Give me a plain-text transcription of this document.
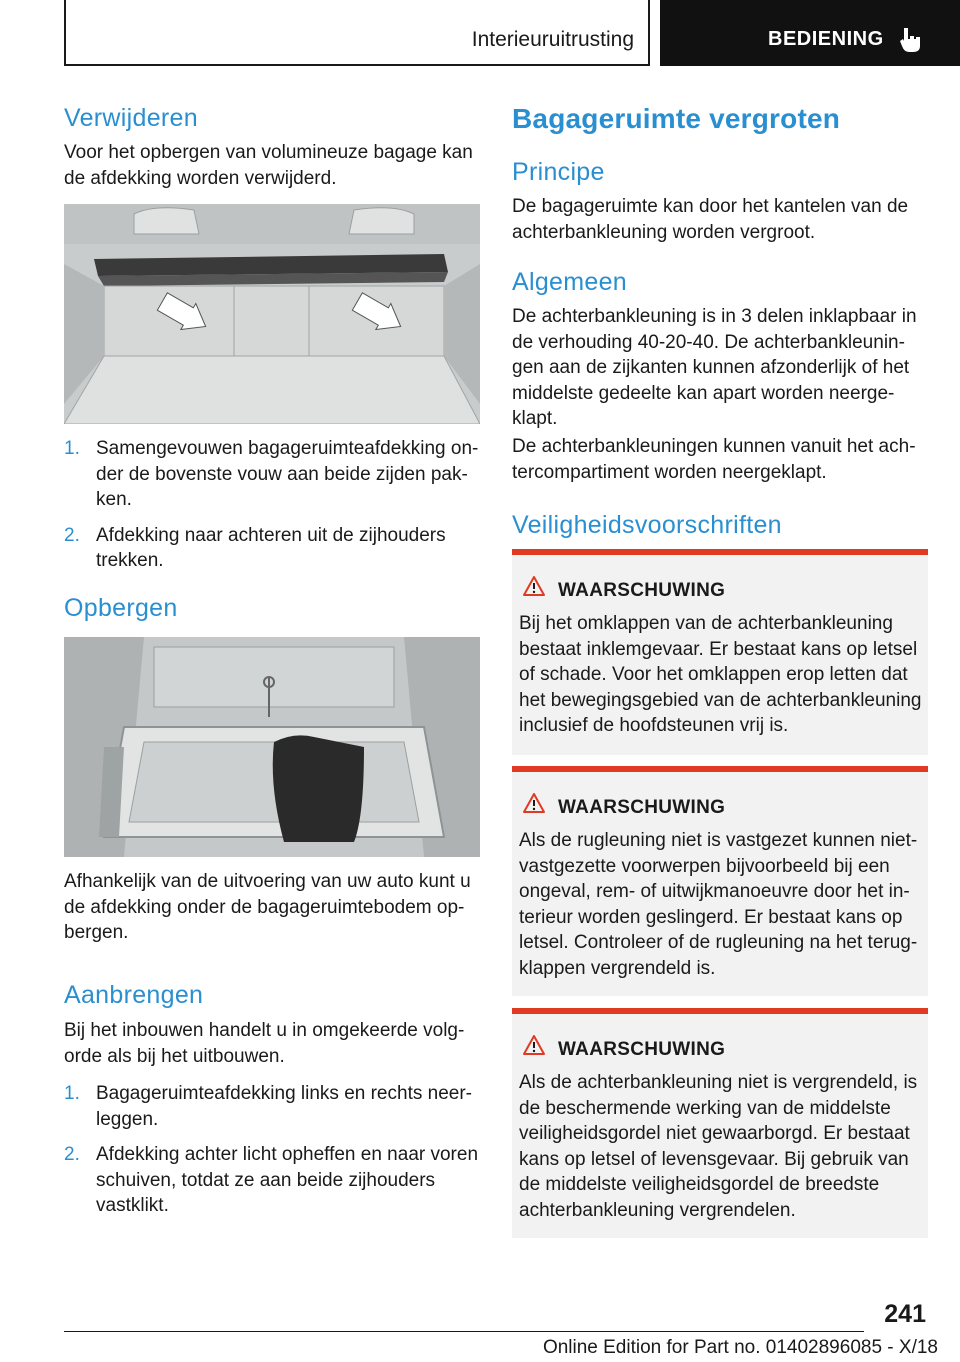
Interieuruitrusting	BEDIENING
Verwijderen

Voor het opbergen van volumineuze bagage kan de afdekking worden verwijderd.

1. Samengevouwen bagageruimteafdekking onder de bovenste vouw aan beide zijden pakken.
2. Afdekking naar achteren uit de zijhouders trekken.
Opbergen

Afhankelijk van de uitvoering van uw auto kunt u de afdekking onder de bagageruimtebodem opbergen.

Aanbrengen

Bij het inbouwen handelt u in omgekeerde volgorde als bij het uitbouwen.

1. Bagageruimteafdekking links en rechts neerleggen.
2. Afdekking achter licht opheffen en naar voren schuiven, totdat ze aan beide zijhouders vastklikt.
Bagageruimte vergroten
Principe

De bagageruimte kan door het kantelen van de achterbankleuning worden vergroot.

Algemeen

De achterbankleuning is in 3 delen inklapbaar in de verhouding 40-20-40. De achterbankleuningen aan de zijkanten kunnen afzonderlijk of het middelste gedeelte kan apart worden neergeklapt.

De achterbankleuningen kunnen vanuit het achtercompartiment worden neergeklapt.

Veiligheidsvoorschriften
WAARSCHUWING

Bij het omklappen van de achterbankleuning bestaat inklemgevaar. Er bestaat kans op letsel of schade. Voor het omklappen erop letten dat het bewegingsgebied van de achterbankleuning inclusief de hoofdsteunen vrij is.

WAARSCHUWING

Als de rugleuning niet is vastgezet kunnen niet-vastgezette voorwerpen bijvoorbeeld bij een ongeval, rem- of uitwijkmanoeuvre door het interieur worden geslingerd. Er bestaat kans op letsel. Controleer of de rugleuning na het terugklappen vergrendeld is.

WAARSCHUWING

Als de achterbankleuning niet is vergrendeld, is de beschermende werking van de middelste veiligheidsgordel niet gewaarborgd. Er bestaat kans op letsel of levensgevaar. Bij gebruik van de middelste veiligheidsgordel de breedste achterbankleuning vergrendelen.

241
Online Edition for Part no. 01402896085 - X/18
